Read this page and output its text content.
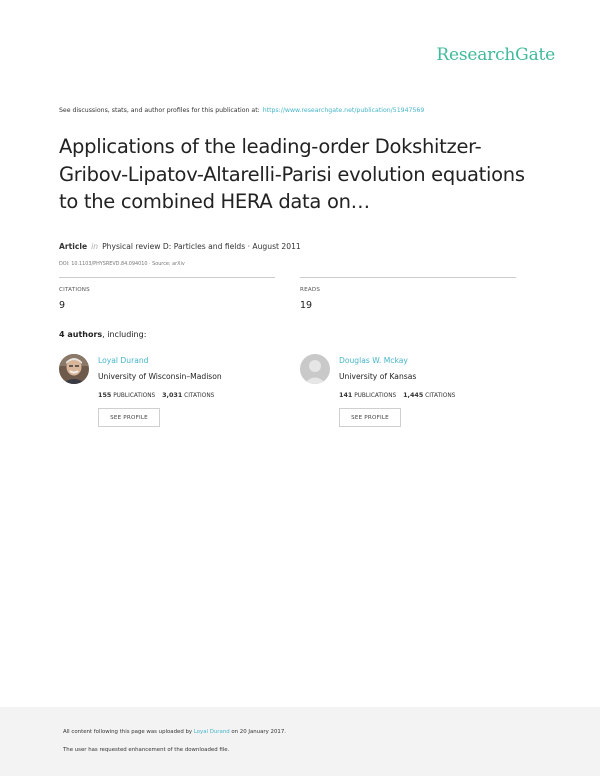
ResearchGate
See discussions, stats, and author profiles for this publication at: https://www.researchgate.net/publication/51947569
Applications of the leading-order Dokshitzer-Gribov-Lipatov-Altarelli-Parisi evolution equations to the combined HERA data on…
Article in Physical review D: Particles and fields · August 2011
DOI: 10.1103/PHYSREVD.84.094010 · Source: arXiv
CITATIONS
9
READS
19
4 authors, including:
Loyal Durand
University of Wisconsin–Madison
155 PUBLICATIONS 3,031 CITATIONS
SEE PROFILE
Douglas W. Mckay
University of Kansas
141 PUBLICATIONS 1,445 CITATIONS
SEE PROFILE
All content following this page was uploaded by Loyal Durand on 20 January 2017.
The user has requested enhancement of the downloaded file.
